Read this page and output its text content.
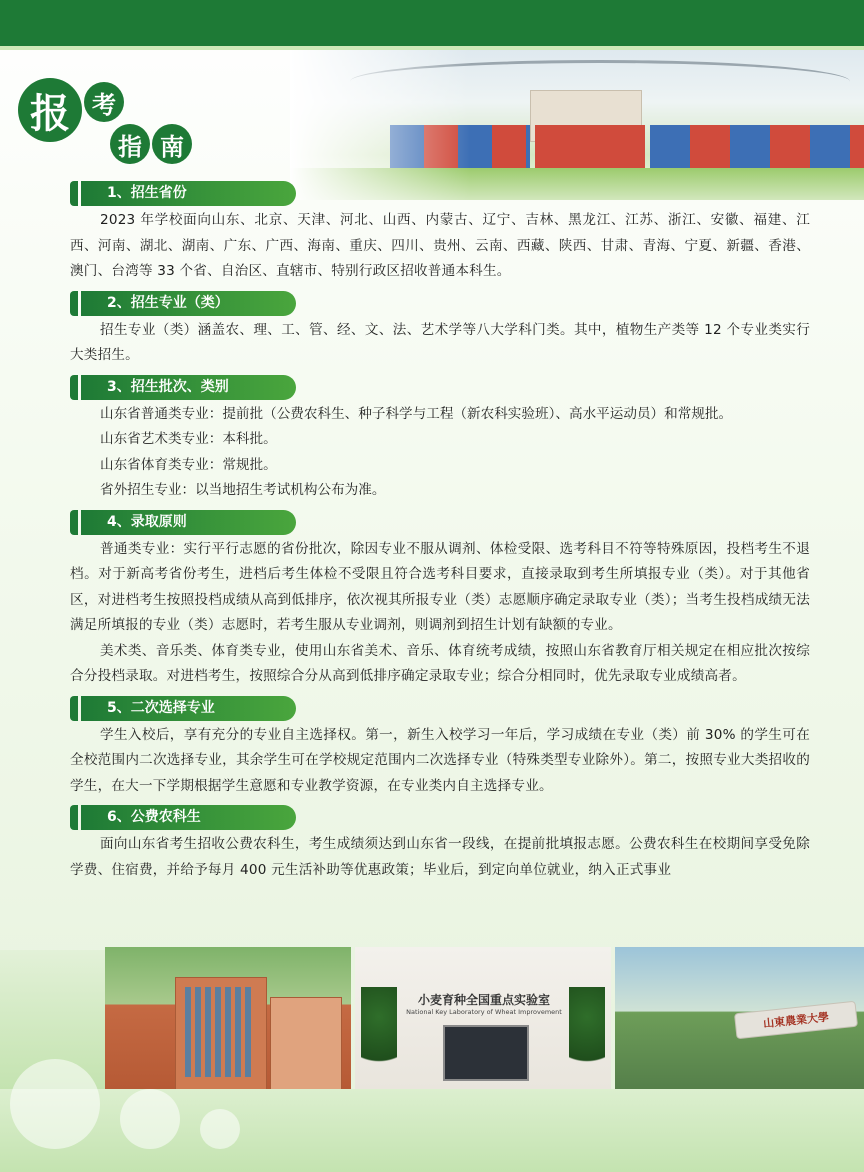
报 考
指 南
1、招生省份

2023 年学校面向山东、北京、天津、河北、山西、内蒙古、辽宁、吉林、黑龙江、江苏、浙江、安徽、福建、江西、河南、湖北、湖南、广东、广西、海南、重庆、四川、贵州、云南、西藏、陕西、甘肃、青海、宁夏、新疆、香港、澳门、台湾等 33 个省、自治区、直辖市、特别行政区招收普通本科生。

2、招生专业（类）

招生专业（类）涵盖农、理、工、管、经、文、法、艺术学等八大学科门类。其中，植物生产类等 12 个专业类实行大类招生。

3、招生批次、类别

山东省普通类专业：提前批（公费农科生、种子科学与工程（新农科实验班）、高水平运动员）和常规批。

山东省艺术类专业：本科批。

山东省体育类专业：常规批。

省外招生专业：以当地招生考试机构公布为准。

4、录取原则

普通类专业：实行平行志愿的省份批次，除因专业不服从调剂、体检受限、选考科目不符等特殊原因，投档考生不退档。对于新高考省份考生，进档后考生体检不受限且符合选考科目要求，直接录取到考生所填报专业（类）。对于其他省区，对进档考生按照投档成绩从高到低排序，依次视其所报专业（类）志愿顺序确定录取专业（类）；当考生投档成绩无法满足所填报的专业（类）志愿时，若考生服从专业调剂，则调剂到招生计划有缺额的专业。

美术类、音乐类、体育类专业，使用山东省美术、音乐、体育统考成绩，按照山东省教育厅相关规定在相应批次按综合分投档录取。对进档考生，按照综合分从高到低排序确定录取专业；综合分相同时，优先录取专业成绩高者。

5、二次选择专业

学生入校后，享有充分的专业自主选择权。第一，新生入校学习一年后，学习成绩在专业（类）前 30% 的学生可在全校范围内二次选择专业，其余学生可在学校规定范围内二次选择专业（特殊类型专业除外）。第二，按照专业大类招收的学生，在大一下学期根据学生意愿和专业教学资源，在专业类内自主选择专业。

6、公费农科生

面向山东省考生招收公费农科生，考生成绩须达到山东省一段线，在提前批填报志愿。公费农科生在校期间享受免除学费、住宿费，并给予每月 400 元生活补助等优惠政策；毕业后，到定向单位就业，纳入正式事业

小麦育种全国重点实验室
National Key Laboratory of Wheat Improvement	山東農業大學
